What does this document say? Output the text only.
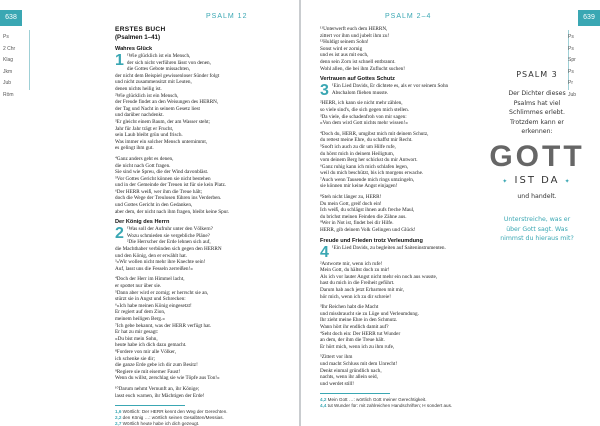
638	PSALM 12
Ps
2 Chr
Klag
Jkm
Jub
Röm
ERSTES BUCH
(Psalmen 1–41)
Wahres Glück
1 ¹Wie glücklich ist ein Mensch,
der sich nicht verführen lässt von denen,
die Gottes Gebote missachten,
der nicht dem Beispiel gewissenloser Sünder folgt
und nicht zusammensitzt mit Leuten,
denen nichts heilig ist.
²Wie glücklich ist ein Mensch,
der Freude findet an den Weisungen des HERRN,
der Tag und Nacht in seinem Gesetz liest
und darüber nachdenkt.
³Er gleicht einem Baum, der am Wasser steht;
Jahr für Jahr trägt er Frucht,
sein Laub bleibt grün und frisch.
Was immer ein solcher Mensch unternimmt,
es gelingt ihm gut.
⁴Ganz anders geht es denen,
die nicht nach Gott fragen.
Sie sind wie Spreu, die der Wind davonbläst.
⁵Vor Gottes Gericht können sie nicht bestehen
und in der Gemeinde der Treuen ist für sie kein Platz.
⁶Der HERR weiß, wer ihm die Treue hält;
doch die Wege der Treulosen führen ins Verderben.
und Gottes Gericht in den Gedanken,
aber dem, der nicht nach ihm fragen, bleibt keine Spur.
Der König des Herrn
2 ¹Was soll der Aufruhr unter den Völkern?
Wozu schmieden sie vergebliche Pläne?
²Die Herrscher der Erde lehnen sich auf,
die Machthaber verbünden sich gegen den HERRN
und den König, den er erwählt hat.
³»Wir wollen nicht mehr ihre Knechte sein!
Auf, lasst uns die Fesseln zerreißen!«
⁴Doch der Herr im Himmel lacht,
er spottet nur über sie.
⁵Dann aber wird er zornig; er herrscht sie an,
stürzt sie in Angst und Schrecken:
⁶»Ich habe meinen König eingesetzt!
Er regiert auf dem Zion,
meinem heiligen Berg.«
⁷Ich gebe bekannt, was der HERR verfügt hat.
Er hat zu mir gesagt:
»Du bist mein Sohn,
heute habe ich dich dazu gemacht.
⁸Fordere von mir alle Völker,
ich schenke sie dir;
die ganze Erde gebe ich dir zum Besitz!
⁹Regiere sie mit eiserner Faust!
Wenn du willst, zerschlag sie wie Töpfe aus Ton!«
¹⁰Darum nehmt Vernunft an, ihr Könige;
lasst euch warnen, ihr Mächtigen der Erde!
1,6 Wörtlich: Der HERR kennt den Weg der Gerechten.
2,2 den König …: wörtlich seinen Gesalbten/Messias.
2,7 Wörtlich heute habe ich dich gezeugt.
639
PSALM 2–4
Ps
Ps
Spr
Ps
Pr
Jub
¹¹Unterwerft euch dem HERRN,
zittert vor ihm und jubelt ihm zu!
¹²Huldigt seinem Sohn!
Sonst wird er zornig
und es ist aus mit euch,
denn sein Zorn ist schnell entbrannt.
Wohl allen, die bei ihm Zuflucht suchen!
Vertrauen auf Gottes Schutz
3 ¹Ein Lied Davids, Er dichtete es, als er vor seinem Sohn Abschalom fliehen musste.
²HERR, ich kann sie nicht mehr zählen,
so viele sind's, die sich gegen mich stellen.
³Da viele, die schadenfroh von mir sagen:
»Von dem wird Gott nichts mehr wissen!«
⁴Doch du, HERR, umgibst mich mit deinem Schutz,
du rettest meine Ehre, du schaffst mir Recht.
⁵Sooft ich auch zu dir um Hilfe rufe,
du hörst mich in deinem Heiligtum,
vom deinem Berg her schickst du mir Antwort.
⁶Ganz ruhig kann ich mich schlafen legen,
weil du mich beschützt, bis ich morgens erwache.
⁷Auch wenn Tausende mich rings umzingeln,
sie können mir keine Angst einjagen!
⁸Steh nicht länger zu, HERR!
Du mein Gott, greif doch ein!
Ich weiß, du schlägst ihnen aufs freche Maul,
du brichst meinen Feinden die Zähne aus.
⁹Wer in Not ist, findet bei dir Hilfe.
HERR, gib deinem Volk Gelingen und Glück!
Freude und Frieden trotz Verleumdung
4 ¹Ein Lied Davids, zu begleiten auf Saiteninstrumenten.
²Antworte mir, wenn ich rufe!
Mein Gott, du hältst doch zu mir!
Als ich vor lauter Angst nicht mehr ein noch aus wusste,
hast du mich in die Freiheit geführt.
Darum hab auch jetzt Erbarmen mit mir,
hör mich, wenn ich zu dir schreie!
³Ihr Reichen habt die Macht
und missbraucht sie zu Lüge und Verleumdung.
Ihr zieht meine Ehre in den Schmutz.
Wann hört ihr endlich damit auf?
⁴Seht doch ein: Der HERR tut Wunder
an dem, der ihm die Treue hält.
Er hört mich, wenn ich zu ihm rufe,
⁵Zittert vor ihm
und macht Schluss mit dem Unrecht!
Denkt einmal gründlich nach,
nachts, wenn ihr allein seid,
und werdet still!
4,2 Mein Gott …: wörtlich Gott meiner Gerechtigkeit.
4,4 tut Wunder für: mit zahlreichen Handschriften; H sondert aus.
PSALM 3
Der Dichter dieses
Psalms hat viel
Schlimmes erlebt.
Trotzdem kann er
erkennen:
GOTT
✦ IST DA ✦
und handelt.
Unterstreiche, was er
über Gott sagt. Was
nimmst du hieraus mit?
